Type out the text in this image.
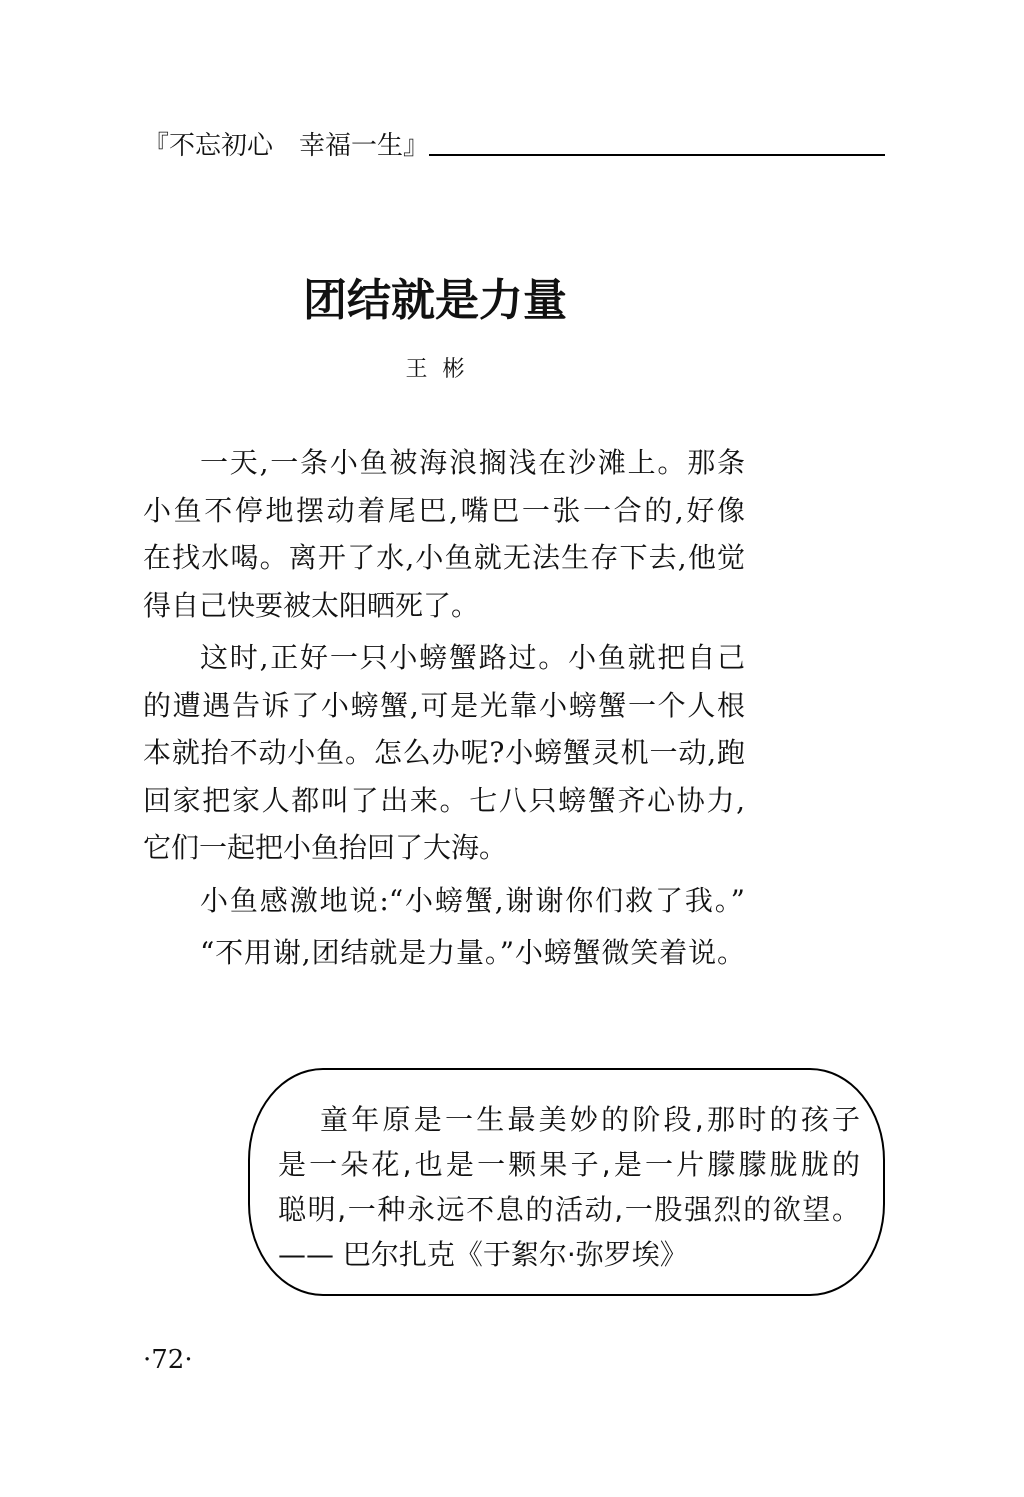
『不忘初心　幸福一生』
团结就是力量
王 彬
一天,一条小鱼被海浪搁浅在沙滩上。那条
小鱼不停地摆动着尾巴,嘴巴一张一合的,好像
在找水喝。离开了水,小鱼就无法生存下去,他觉
得自己快要被太阳晒死了。
这时,正好一只小螃蟹路过。小鱼就把自己
的遭遇告诉了小螃蟹,可是光靠小螃蟹一个人根
本就抬不动小鱼。怎么办呢?小螃蟹灵机一动,跑
回家把家人都叫了出来。七八只螃蟹齐心协力,
它们一起把小鱼抬回了大海。
小鱼感激地说:“小螃蟹,谢谢你们救了我。”
“不用谢,团结就是力量。”小螃蟹微笑着说。
童年原是一生最美妙的阶段,那时的孩子
是一朵花,也是一颗果子,是一片朦朦胧胧的
聪明,一种永远不息的活动,一股强烈的欲望。
—— 巴尔扎克《于絮尔·弥罗埃》
·72·
